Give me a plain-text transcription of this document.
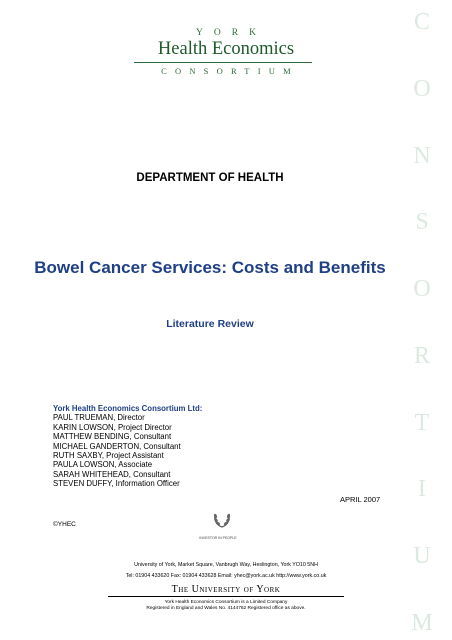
YORK
Health Economics
CONSORTIUM
C
O
N
S
O
R
T
I
U
M
DEPARTMENT OF HEALTH
Bowel Cancer Services: Costs and Benefits
Literature Review
York Health Economics Consortium Ltd:
PAUL TRUEMAN, Director
KARIN LOWSON, Project Director
MATTHEW BENDING, Consultant
MICHAEL GANDERTON, Consultant
RUTH SAXBY, Project Assistant
PAULA LOWSON, Associate
SARAH WHITEHEAD, Consultant
STEVEN DUFFY, Information Officer
APRIL 2007
©YHEC
INVESTOR IN PEOPLE
University of York, Market Square, Vanbrugh Way, Heslington, York YO10 5NH
Tel: 01904 433620 Fax: 01904 433628 Email: yhec@york.ac.uk http://www.york.co.uk
The University of York
York Health Economics Consortium is a Limited Company
Registered in England and Wales No. 4144762 Registered office as above.
